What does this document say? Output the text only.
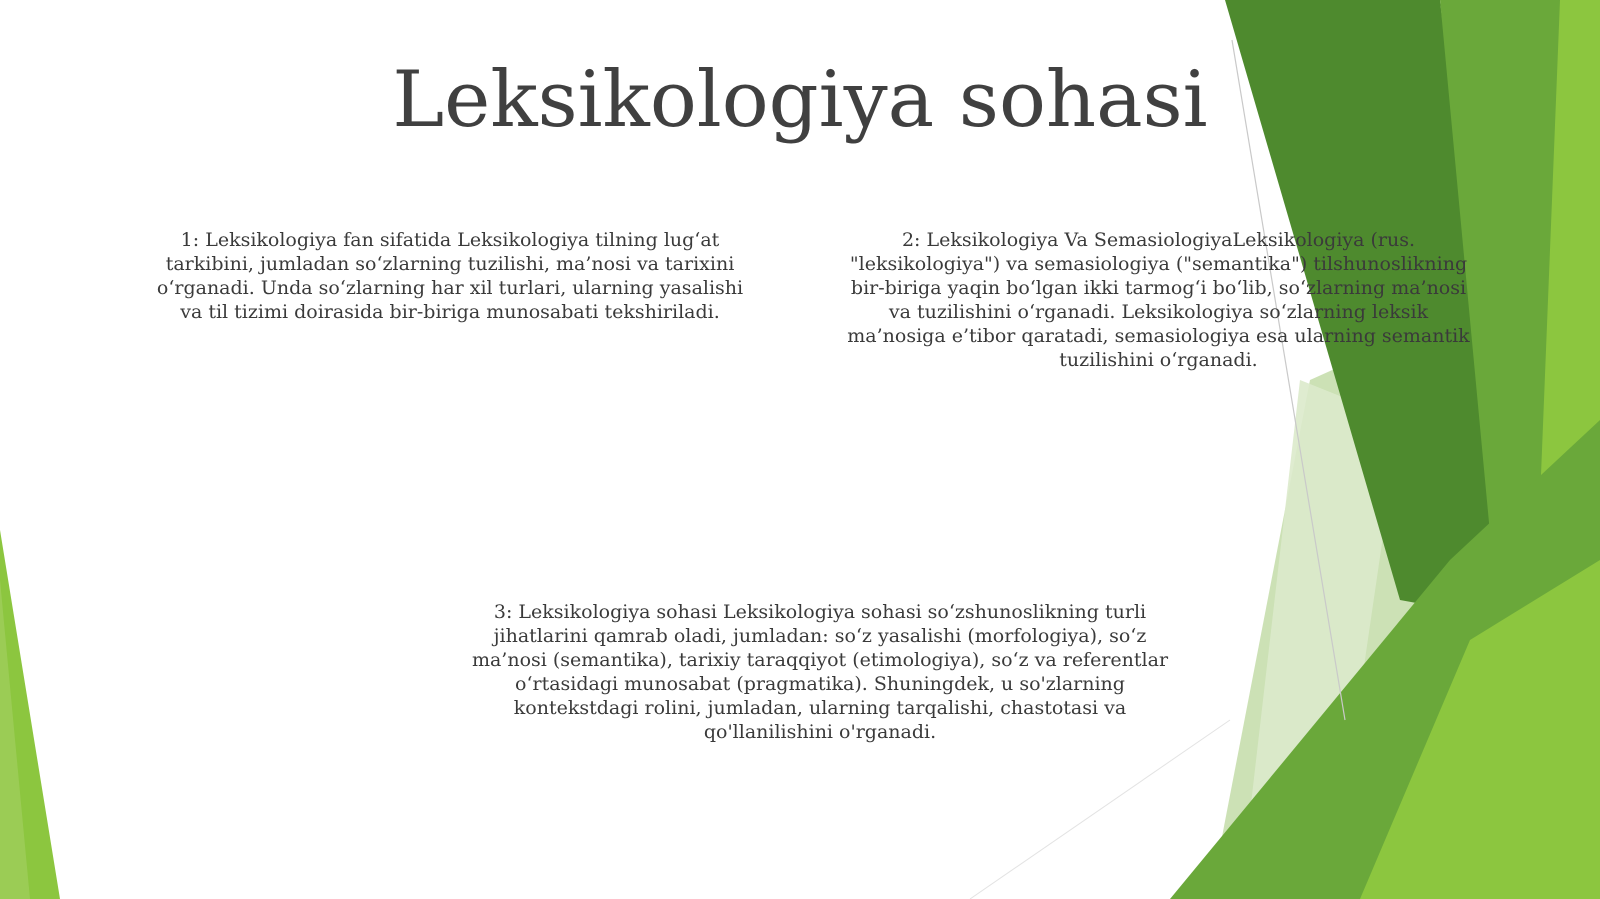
Leksikologiya sohasi
1: Leksikologiya fan sifatida Leksikologiya tilning lug‘at tarkibini, jumladan so‘zlarning tuzilishi, ma’nosi va tarixini o‘rganadi. Unda so‘zlarning har xil turlari, ularning yasalishi va til tizimi doirasida bir-biriga munosabati tekshiriladi.
2: Leksikologiya Va SemasiologiyaLeksikologiya (rus. "leksikologiya") va semasiologiya ("semantika") tilshunoslikning bir-biriga yaqin bo‘lgan ikki tarmog‘i bo‘lib, so‘zlarning ma’nosi va tuzilishini o‘rganadi. Leksikologiya so‘zlarning leksik ma’nosiga e’tibor qaratadi, semasiologiya esa ularning semantik tuzilishini o‘rganadi.
3: Leksikologiya sohasi Leksikologiya sohasi so‘zshunoslikning turli jihatlarini qamrab oladi, jumladan: so‘z yasalishi (morfologiya), so‘z ma’nosi (semantika), tarixiy taraqqiyot (etimologiya), so‘z va referentlar o‘rtasidagi munosabat (pragmatika). Shuningdek, u so'zlarning kontekstdagi rolini, jumladan, ularning tarqalishi, chastotasi va qo'llanilishini o'rganadi.
